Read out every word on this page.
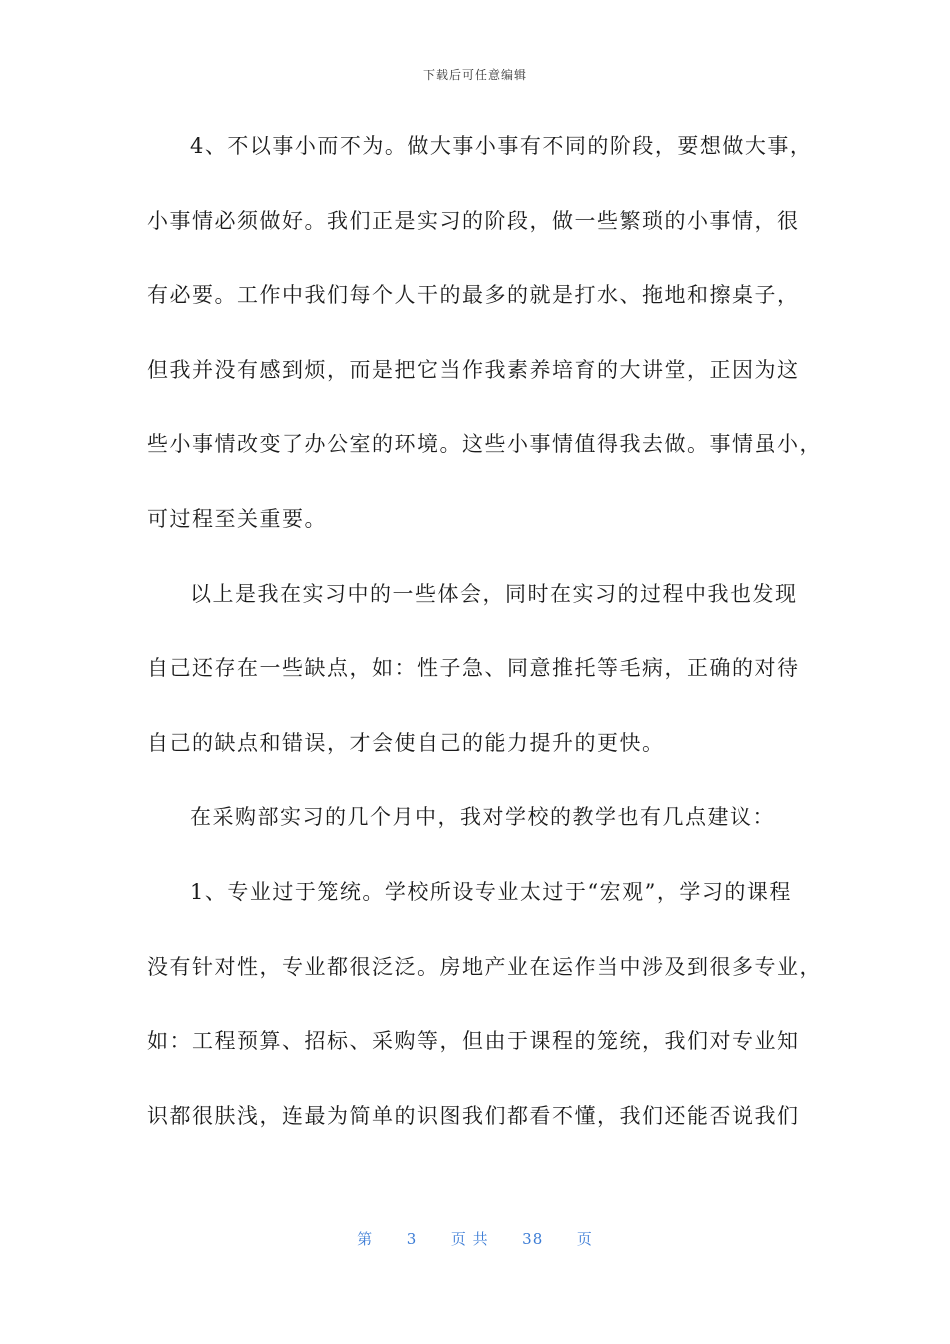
下载后可任意编辑
4、不以事小而不为。做大事小事有不同的阶段，要想做大事，
小事情必须做好。我们正是实习的阶段，做一些繁琐的小事情，很
有必要。工作中我们每个人干的最多的就是打水、拖地和擦桌子，
但我并没有感到烦，而是把它当作我素养培育的大讲堂，正因为这
些小事情改变了办公室的环境。这些小事情值得我去做。事情虽小，
可过程至关重要。
以上是我在实习中的一些体会，同时在实习的过程中我也发现
自己还存在一些缺点，如：性子急、同意推托等毛病，正确的对待
自己的缺点和错误，才会使自己的能力提升的更快。
在采购部实习的几个月中，我对学校的教学也有几点建议：
1、专业过于笼统。学校所设专业太过于“宏观”，学习的课程
没有针对性，专业都很泛泛。房地产业在运作当中涉及到很多专业，
如：工程预算、招标、采购等，但由于课程的笼统，我们对专业知
识都很肤浅，连最为简单的识图我们都看不懂，我们还能否说我们
第 3 页 共 38 页
